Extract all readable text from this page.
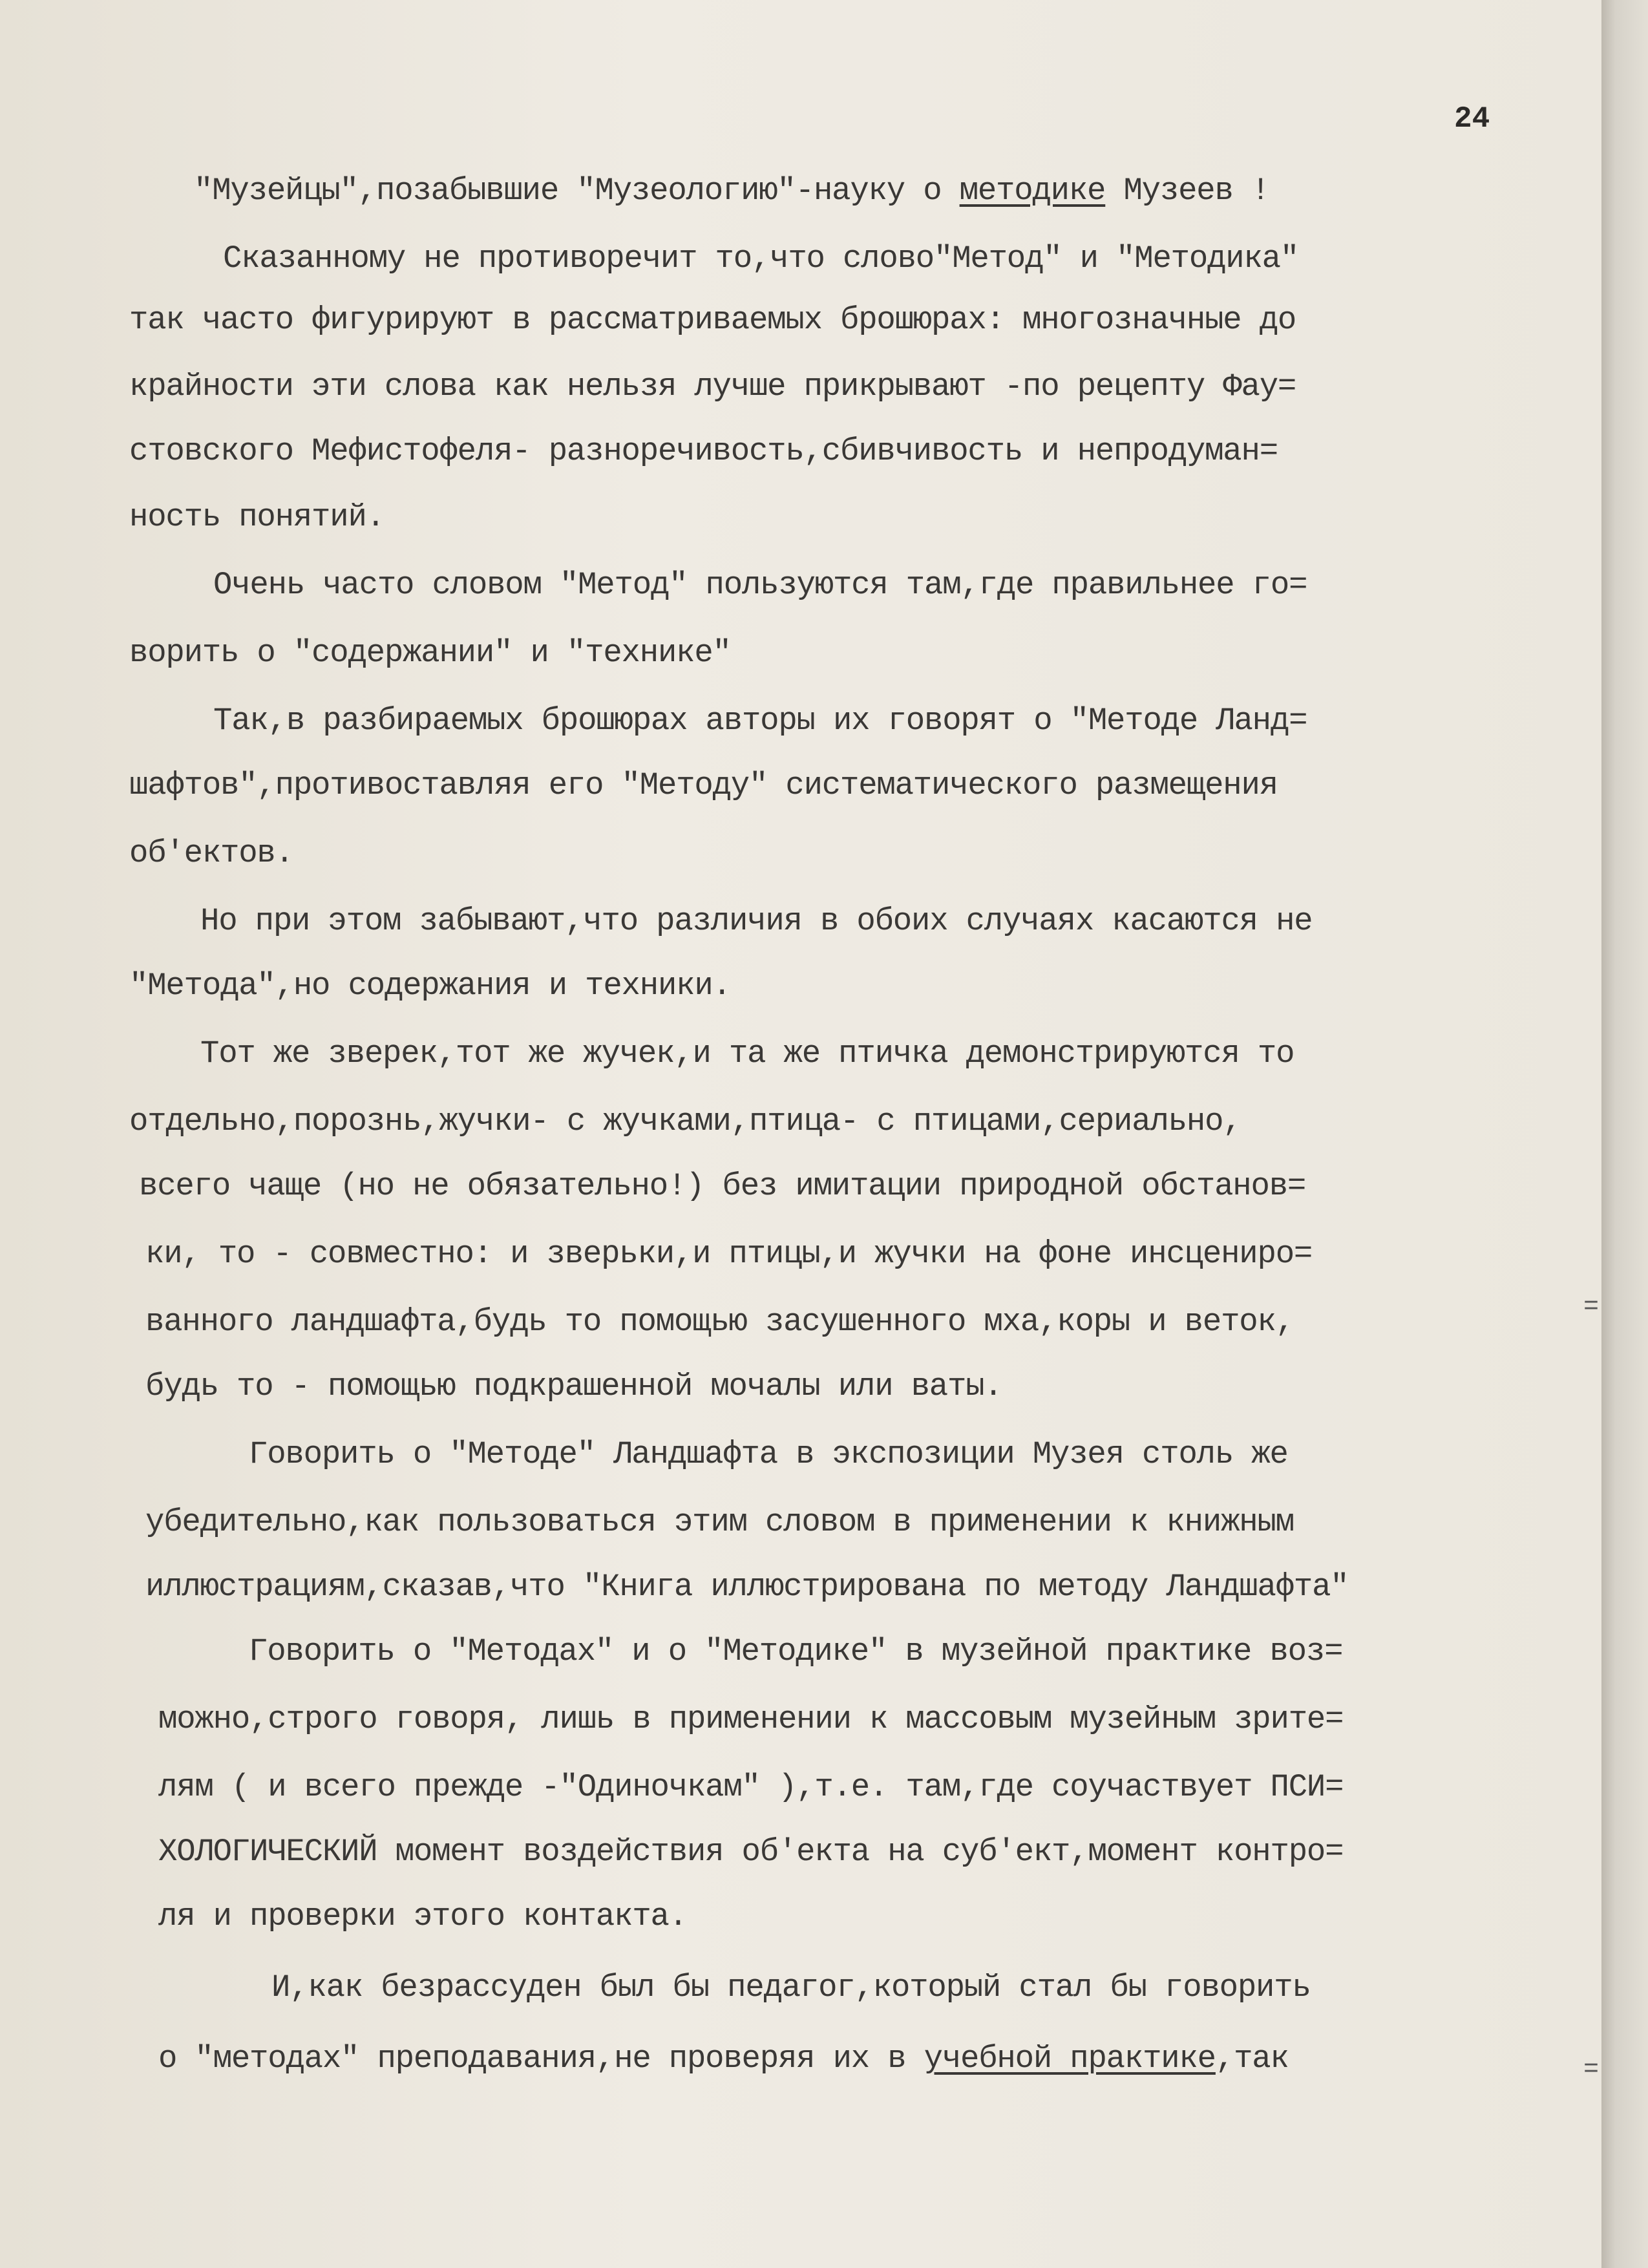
24

"Музейцы",позабывшие "Музеологию"-науку о методике Музеев !

Сказанному не противоречит то,что слово"Метод" и "Методика"

так часто фигурируют в рассматриваемых брошюрах: многозначные до

крайности эти слова как нельзя лучше прикрывают -по рецепту Фау=

стовского Мефистофеля- разноречивость,сбивчивость и непродуман=

ность понятий.

Очень часто словом "Метод" пользуются там,где правильнее го=

ворить о "содержании" и "технике"

Так,в разбираемых брошюрах авторы их говорят о "Методе Ланд=

шафтов",противоставляя его "Методу" систематического размещения

об'ектов.

Но при этом забывают,что различия в обоих случаях касаются не

"Метода",но содержания и техники.

Тот же зверек,тот же жучек,и та же птичка демонстрируются то

отдельно,порознь,жучки- с жучками,птица- с птицами,сериально,

всего чаще (но не обязательно!) без имитации природной обстанов=

ки, то - совместно: и зверьки,и птицы,и жучки на фоне инсцениро=

ванного ландшафта,будь то помощью засушенного мха,коры и веток,

будь то - помощью подкрашенной мочалы или ваты.

Говорить о "Методе" Ландшафта в экспозиции Музея столь же

убедительно,как пользоваться этим словом в применении к книжным

иллюстрациям,сказав,что "Книга иллюстрирована по методу Ландшафта"

Говорить о "Методах" и о "Методике" в музейной практике воз=

можно,строго говоря, лишь в применении к массовым музейным зрите=

лям ( и всего прежде -"Одиночкам" ),т.е. там,где соучаствует ПСИ=

ХОЛОГИЧЕСКИЙ момент воздействия об'екта на суб'ект,момент контро=

ля и проверки этого контакта.

И,как безрассуден был бы педагог,который стал бы говорить

о "методах" преподавания,не проверяя их в учебной практике,так

=

=
